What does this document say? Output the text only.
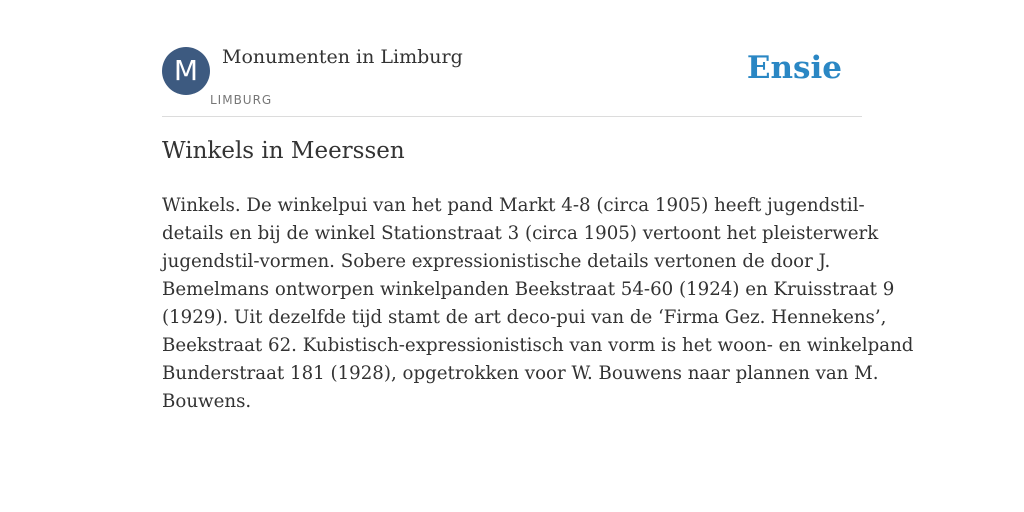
M	Monumenten in Limburg
LIMBURG
Ensie
Winkels in Meerssen

Winkels. De winkelpui van het pand Markt 4-8 (circa 1905) heeft jugendstil-
details en bij de winkel Stationstraat 3 (circa 1905) vertoont het pleisterwerk
jugendstil-vormen. Sobere expressionistische details vertonen de door J.
Bemelmans ontworpen winkelpanden Beekstraat 54-60 (1924) en Kruisstraat 9
(1929). Uit dezelfde tijd stamt de art deco-pui van de ‘Firma Gez. Hennekens’,
Beekstraat 62. Kubistisch-expressionistisch van vorm is het woon- en winkelpand
Bunderstraat 181 (1928), opgetrokken voor W. Bouwens naar plannen van M.
Bouwens.
